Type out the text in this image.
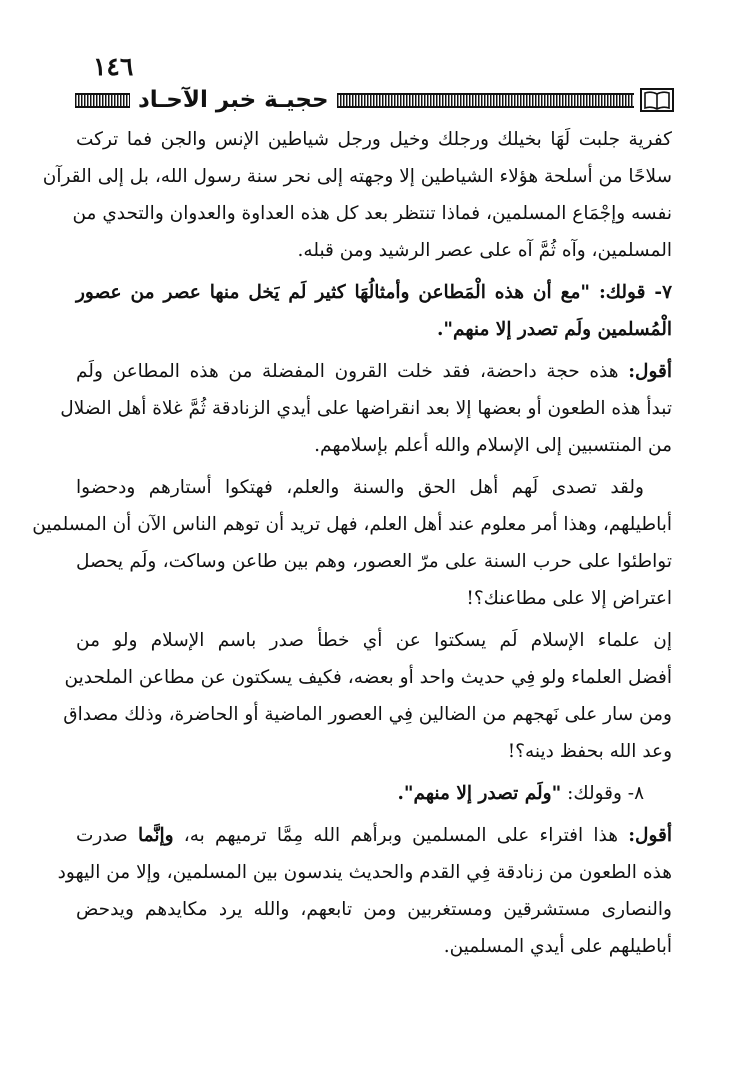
١٤٦
حجيـة خبر الآحـاد
كفرية جلبت لَهَا بخيلك ورجلك وخيل ورجل شياطين الإنس والجن فما تركت
سلاحًا من أسلحة هؤلاء الشياطين إلا وجهته إلى نحر سنة رسول الله، بل إلى القرآن
نفسه وإجْمَاع المسلمين، فماذا تنتظر بعد كل هذه العداوة والعدوان والتحدي من
المسلمين، وآه ثُمَّ آه على عصر الرشيد ومن قبله.
٧- قولك: "مع أن هذه الْمَطاعن وأمثالُهَا كثير لَم يَخل منها عصر من عصور
الْمُسلمين ولَم تصدر إلا منهم".
أقول: هذه حجة داحضة، فقد خلت القرون المفضلة من هذه المطاعن ولَم
تبدأ هذه الطعون أو بعضها إلا بعد انقراضها على أيدي الزنادقة ثُمَّ غلاة أهل الضلال
من المنتسبين إلى الإسلام والله أعلم بإسلامهم.
ولقد تصدى لَهم أهل الحق والسنة والعلم، فهتكوا أستارهم ودحضوا
أباطيلهم، وهذا أمر معلوم عند أهل العلم، فهل تريد أن توهم الناس الآن أن المسلمين
تواطئوا على حرب السنة على مرّ العصور، وهم بين طاعن وساكت، ولَم يحصل
اعتراض إلا على مطاعنك؟!
إن علماء الإسلام لَم يسكتوا عن أي خطأ صدر باسم الإسلام ولو من
أفضل العلماء ولو فِي حديث واحد أو بعضه، فكيف يسكتون عن مطاعن الملحدين
ومن سار على نَهجهم من الضالين فِي العصور الماضية أو الحاضرة، وذلك مصداق
وعد الله بحفظ دينه؟!
٨- وقولك: "ولَم تصدر إلا منهم".
أقول: هذا افتراء على المسلمين وبرأهم الله مِمَّا ترميهم به، وإنَّما صدرت
هذه الطعون من زنادقة فِي القدم والحديث يندسون بين المسلمين، وإلا من اليهود
والنصارى مستشرقين ومستغربين ومن تابعهم، والله يرد مكايدهم ويدحض
أباطيلهم على أيدي المسلمين.
